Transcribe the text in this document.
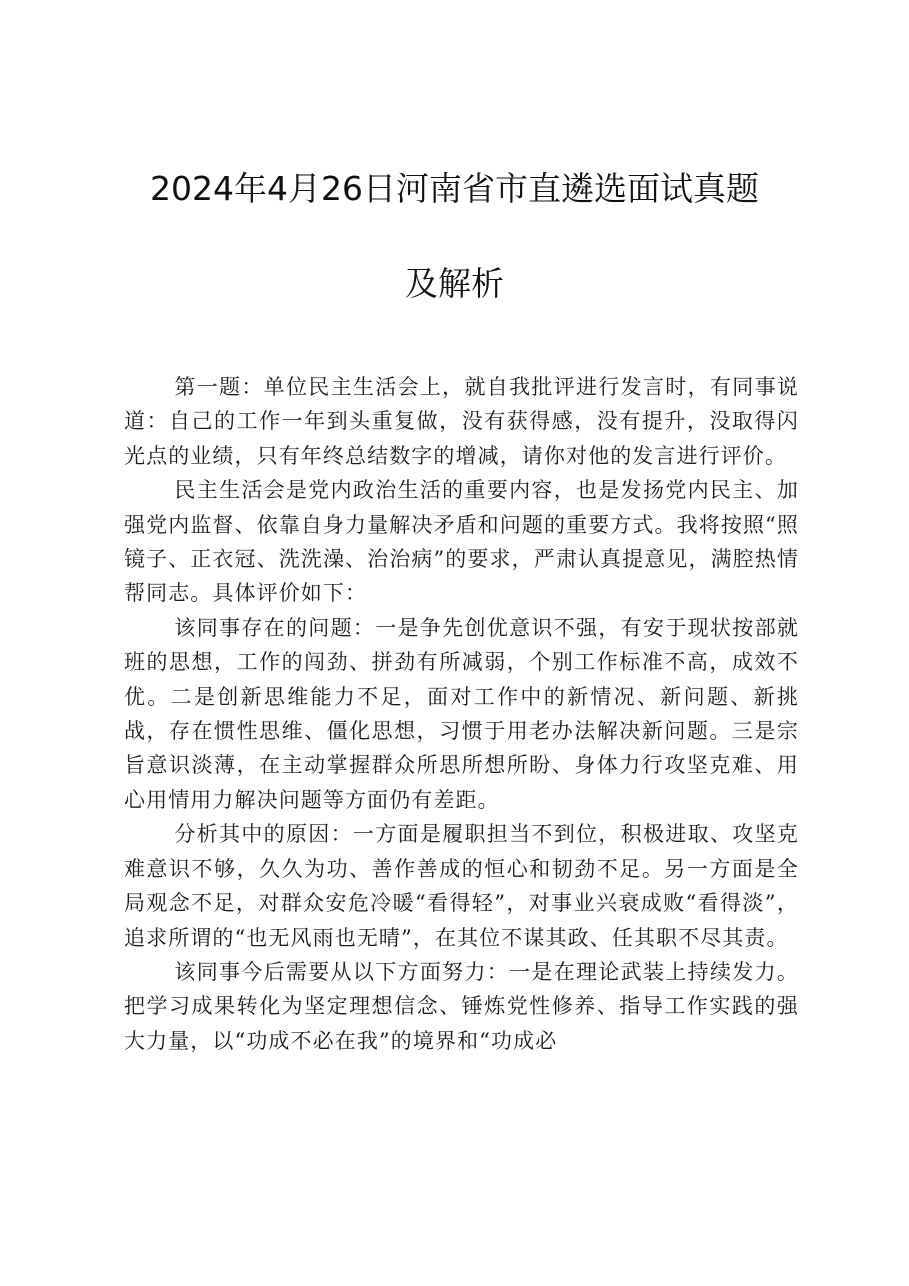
2024年4月26日河南省市直遴选面试真题
及解析

第一题：单位民主生活会上，就自我批评进行发言时，有同事说道：自己的工作一年到头重复做，没有获得感，没有提升，没取得闪光点的业绩，只有年终总结数字的增减，请你对他的发言进行评价。

民主生活会是党内政治生活的重要内容，也是发扬党内民主、加强党内监督、依靠自身力量解决矛盾和问题的重要方式。我将按照“照镜子、正衣冠、洗洗澡、治治病”的要求，严肃认真提意见，满腔热情帮同志。具体评价如下：

该同事存在的问题：一是争先创优意识不强，有安于现状按部就班的思想，工作的闯劲、拼劲有所减弱，个别工作标准不高，成效不优。二是创新思维能力不足，面对工作中的新情况、新问题、新挑战，存在惯性思维、僵化思想，习惯于用老办法解决新问题。三是宗旨意识淡薄，在主动掌握群众所思所想所盼、身体力行攻坚克难、用心用情用力解决问题等方面仍有差距。

分析其中的原因：一方面是履职担当不到位，积极进取、攻坚克难意识不够，久久为功、善作善成的恒心和韧劲不足。另一方面是全局观念不足，对群众安危冷暖“看得轻”，对事业兴衰成败“看得淡”，追求所谓的“也无风雨也无晴”，在其位不谋其政、任其职不尽其责。

该同事今后需要从以下方面努力：一是在理论武装上持续发力。把学习成果转化为坚定理想信念、锤炼党性修养、指导工作实践的强大力量，以“功成不必在我”的境界和“功成必
